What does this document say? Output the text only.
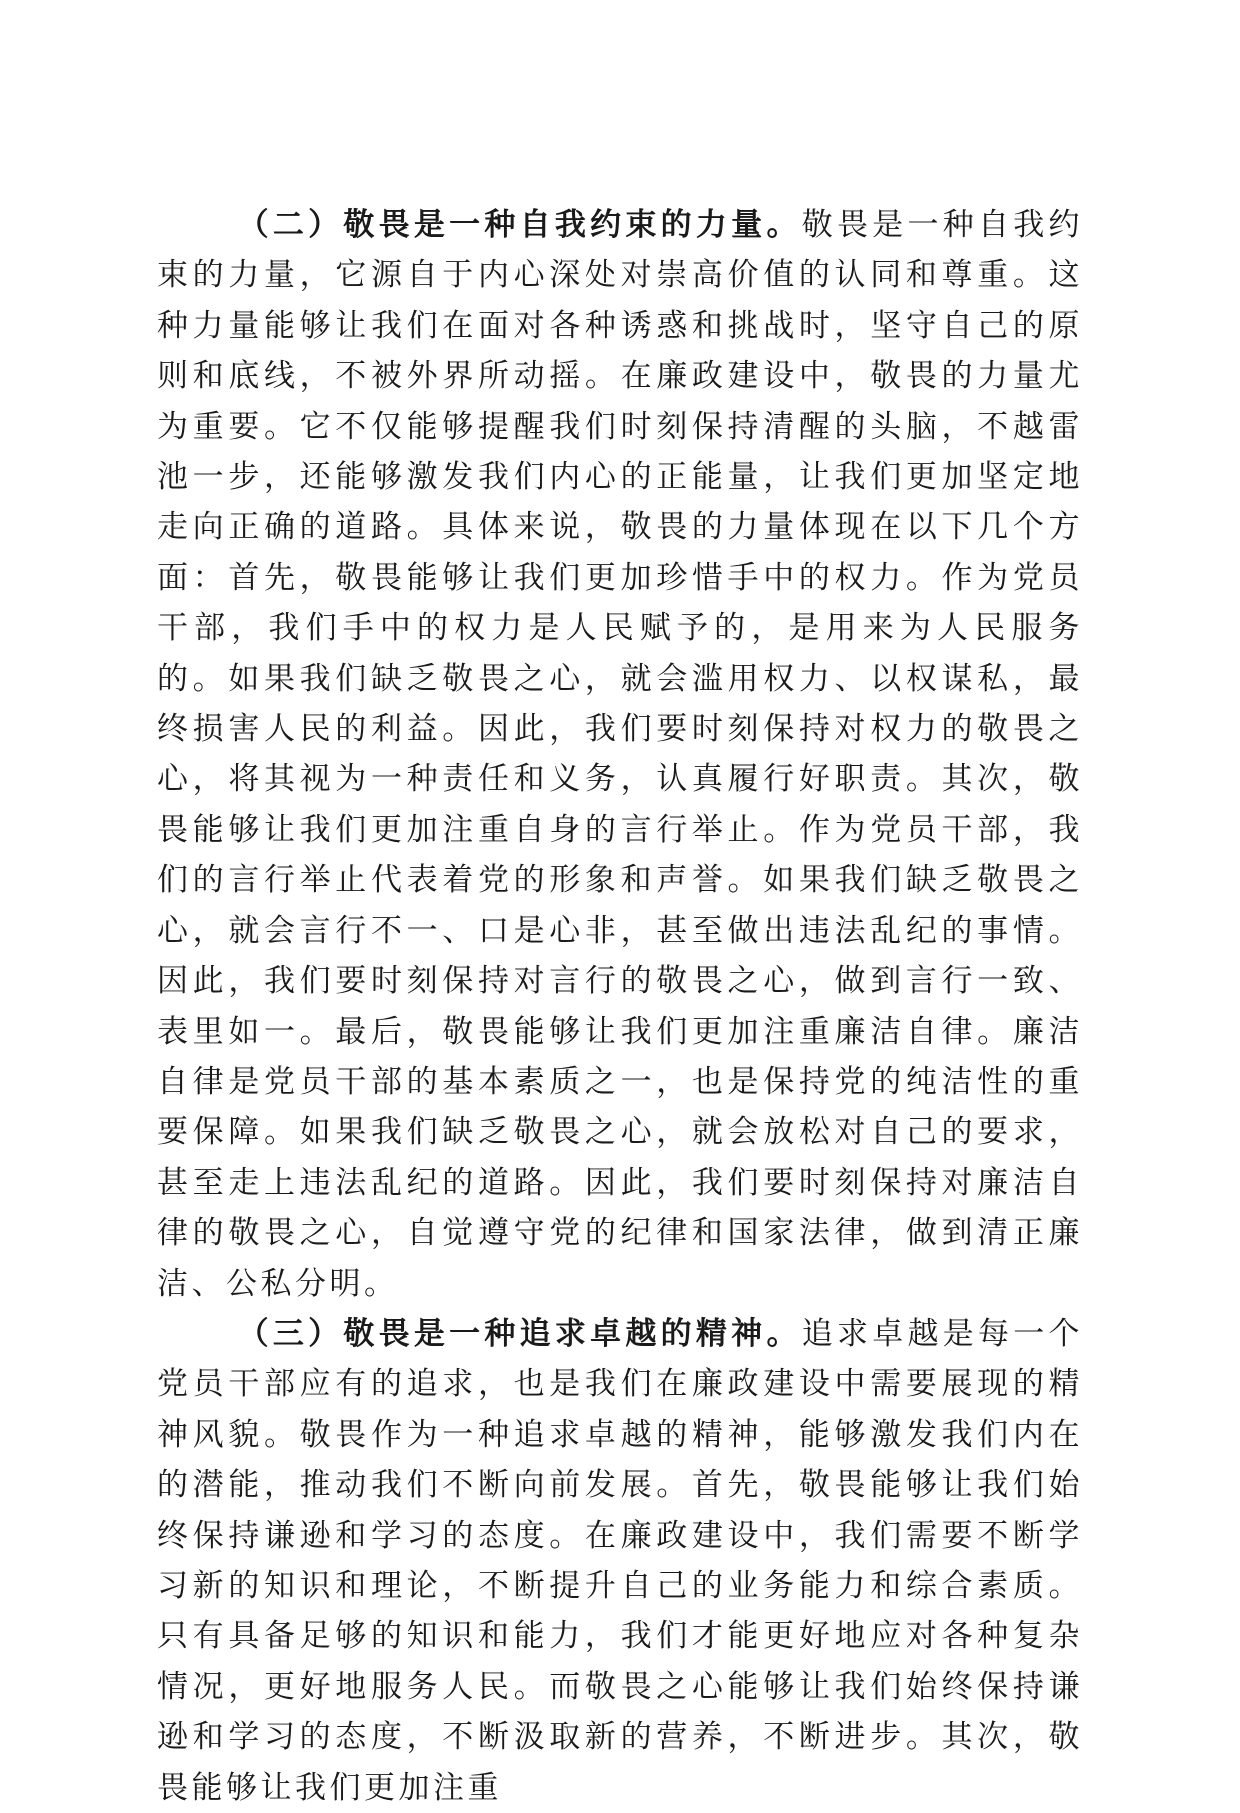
（二）敬畏是一种自我约束的力量。敬畏是一种自我约束的力量，它源自于内心深处对崇高价值的认同和尊重。这种力量能够让我们在面对各种诱惑和挑战时，坚守自己的原则和底线，不被外界所动摇。在廉政建设中，敬畏的力量尤为重要。它不仅能够提醒我们时刻保持清醒的头脑，不越雷池一步，还能够激发我们内心的正能量，让我们更加坚定地走向正确的道路。具体来说，敬畏的力量体现在以下几个方面：首先，敬畏能够让我们更加珍惜手中的权力。作为党员干部，我们手中的权力是人民赋予的，是用来为人民服务的。如果我们缺乏敬畏之心，就会滥用权力、以权谋私，最终损害人民的利益。因此，我们要时刻保持对权力的敬畏之心，将其视为一种责任和义务，认真履行好职责。其次，敬畏能够让我们更加注重自身的言行举止。作为党员干部，我们的言行举止代表着党的形象和声誉。如果我们缺乏敬畏之心，就会言行不一、口是心非，甚至做出违法乱纪的事情。因此，我们要时刻保持对言行的敬畏之心，做到言行一致、表里如一。最后，敬畏能够让我们更加注重廉洁自律。廉洁自律是党员干部的基本素质之一，也是保持党的纯洁性的重要保障。如果我们缺乏敬畏之心，就会放松对自己的要求，甚至走上违法乱纪的道路。因此，我们要时刻保持对廉洁自律的敬畏之心，自觉遵守党的纪律和国家法律，做到清正廉洁、公私分明。

（三）敬畏是一种追求卓越的精神。追求卓越是每一个党员干部应有的追求，也是我们在廉政建设中需要展现的精神风貌。敬畏作为一种追求卓越的精神，能够激发我们内在的潜能，推动我们不断向前发展。首先，敬畏能够让我们始终保持谦逊和学习的态度。在廉政建设中，我们需要不断学习新的知识和理论，不断提升自己的业务能力和综合素质。只有具备足够的知识和能力，我们才能更好地应对各种复杂情况，更好地服务人民。而敬畏之心能够让我们始终保持谦逊和学习的态度，不断汲取新的营养，不断进步。其次，敬畏能够让我们更加注重
